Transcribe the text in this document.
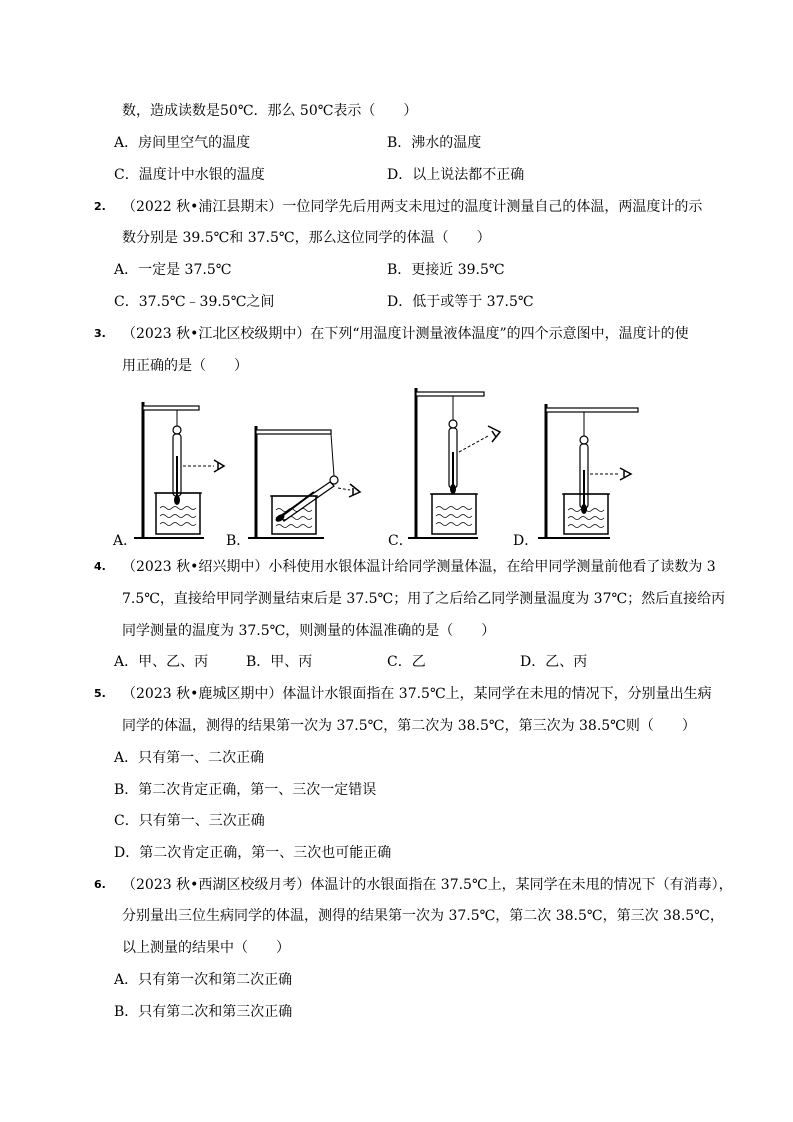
数，造成读数是50℃．那么 50℃表示（　　）
A．房间里空气的温度	B．沸水的温度
C．温度计中水银的温度	D．以上说法都不正确
2. （2022 秋•浦江县期末）一位同学先后用两支未甩过的温度计测量自己的体温，两温度计的示
数分别是 39.5℃和 37.5℃，那么这位同学的体温（　　）
A．一定是 37.5℃	B．更接近 39.5℃
C．37.5℃﹣39.5℃之间	D．低于或等于 37.5℃
3. （2023 秋•江北区校级期中）在下列“用温度计测量液体温度”的四个示意图中，温度计的使
用正确的是（　　）
A．	B．	C．	D．
4. （2023 秋•绍兴期中）小科使用水银体温计给同学测量体温，在给甲同学测量前他看了读数为 3
7.5℃，直接给甲同学测量结束后是 37.5℃；用了之后给乙同学测量温度为 37℃；然后直接给丙
同学测量的温度为 37.5℃，则测量的体温准确的是（　　）
A．甲、乙、丙	B．甲、丙	C．乙	D．乙、丙
5. （2023 秋•鹿城区期中）体温计水银面指在 37.5℃上，某同学在未甩的情况下，分别量出生病
同学的体温，测得的结果第一次为 37.5℃，第二次为 38.5℃，第三次为 38.5℃则（　　）
A．只有第一、二次正确
B．第二次肯定正确，第一、三次一定错误
C．只有第一、三次正确
D．第二次肯定正确，第一、三次也可能正确
6. （2023 秋•西湖区校级月考）体温计的水银面指在 37.5℃上，某同学在未甩的情况下（有消毒），
分别量出三位生病同学的体温，测得的结果第一次为 37.5℃，第二次 38.5℃，第三次 38.5℃，
以上测量的结果中（　　）
A．只有第一次和第二次正确
B．只有第二次和第三次正确
